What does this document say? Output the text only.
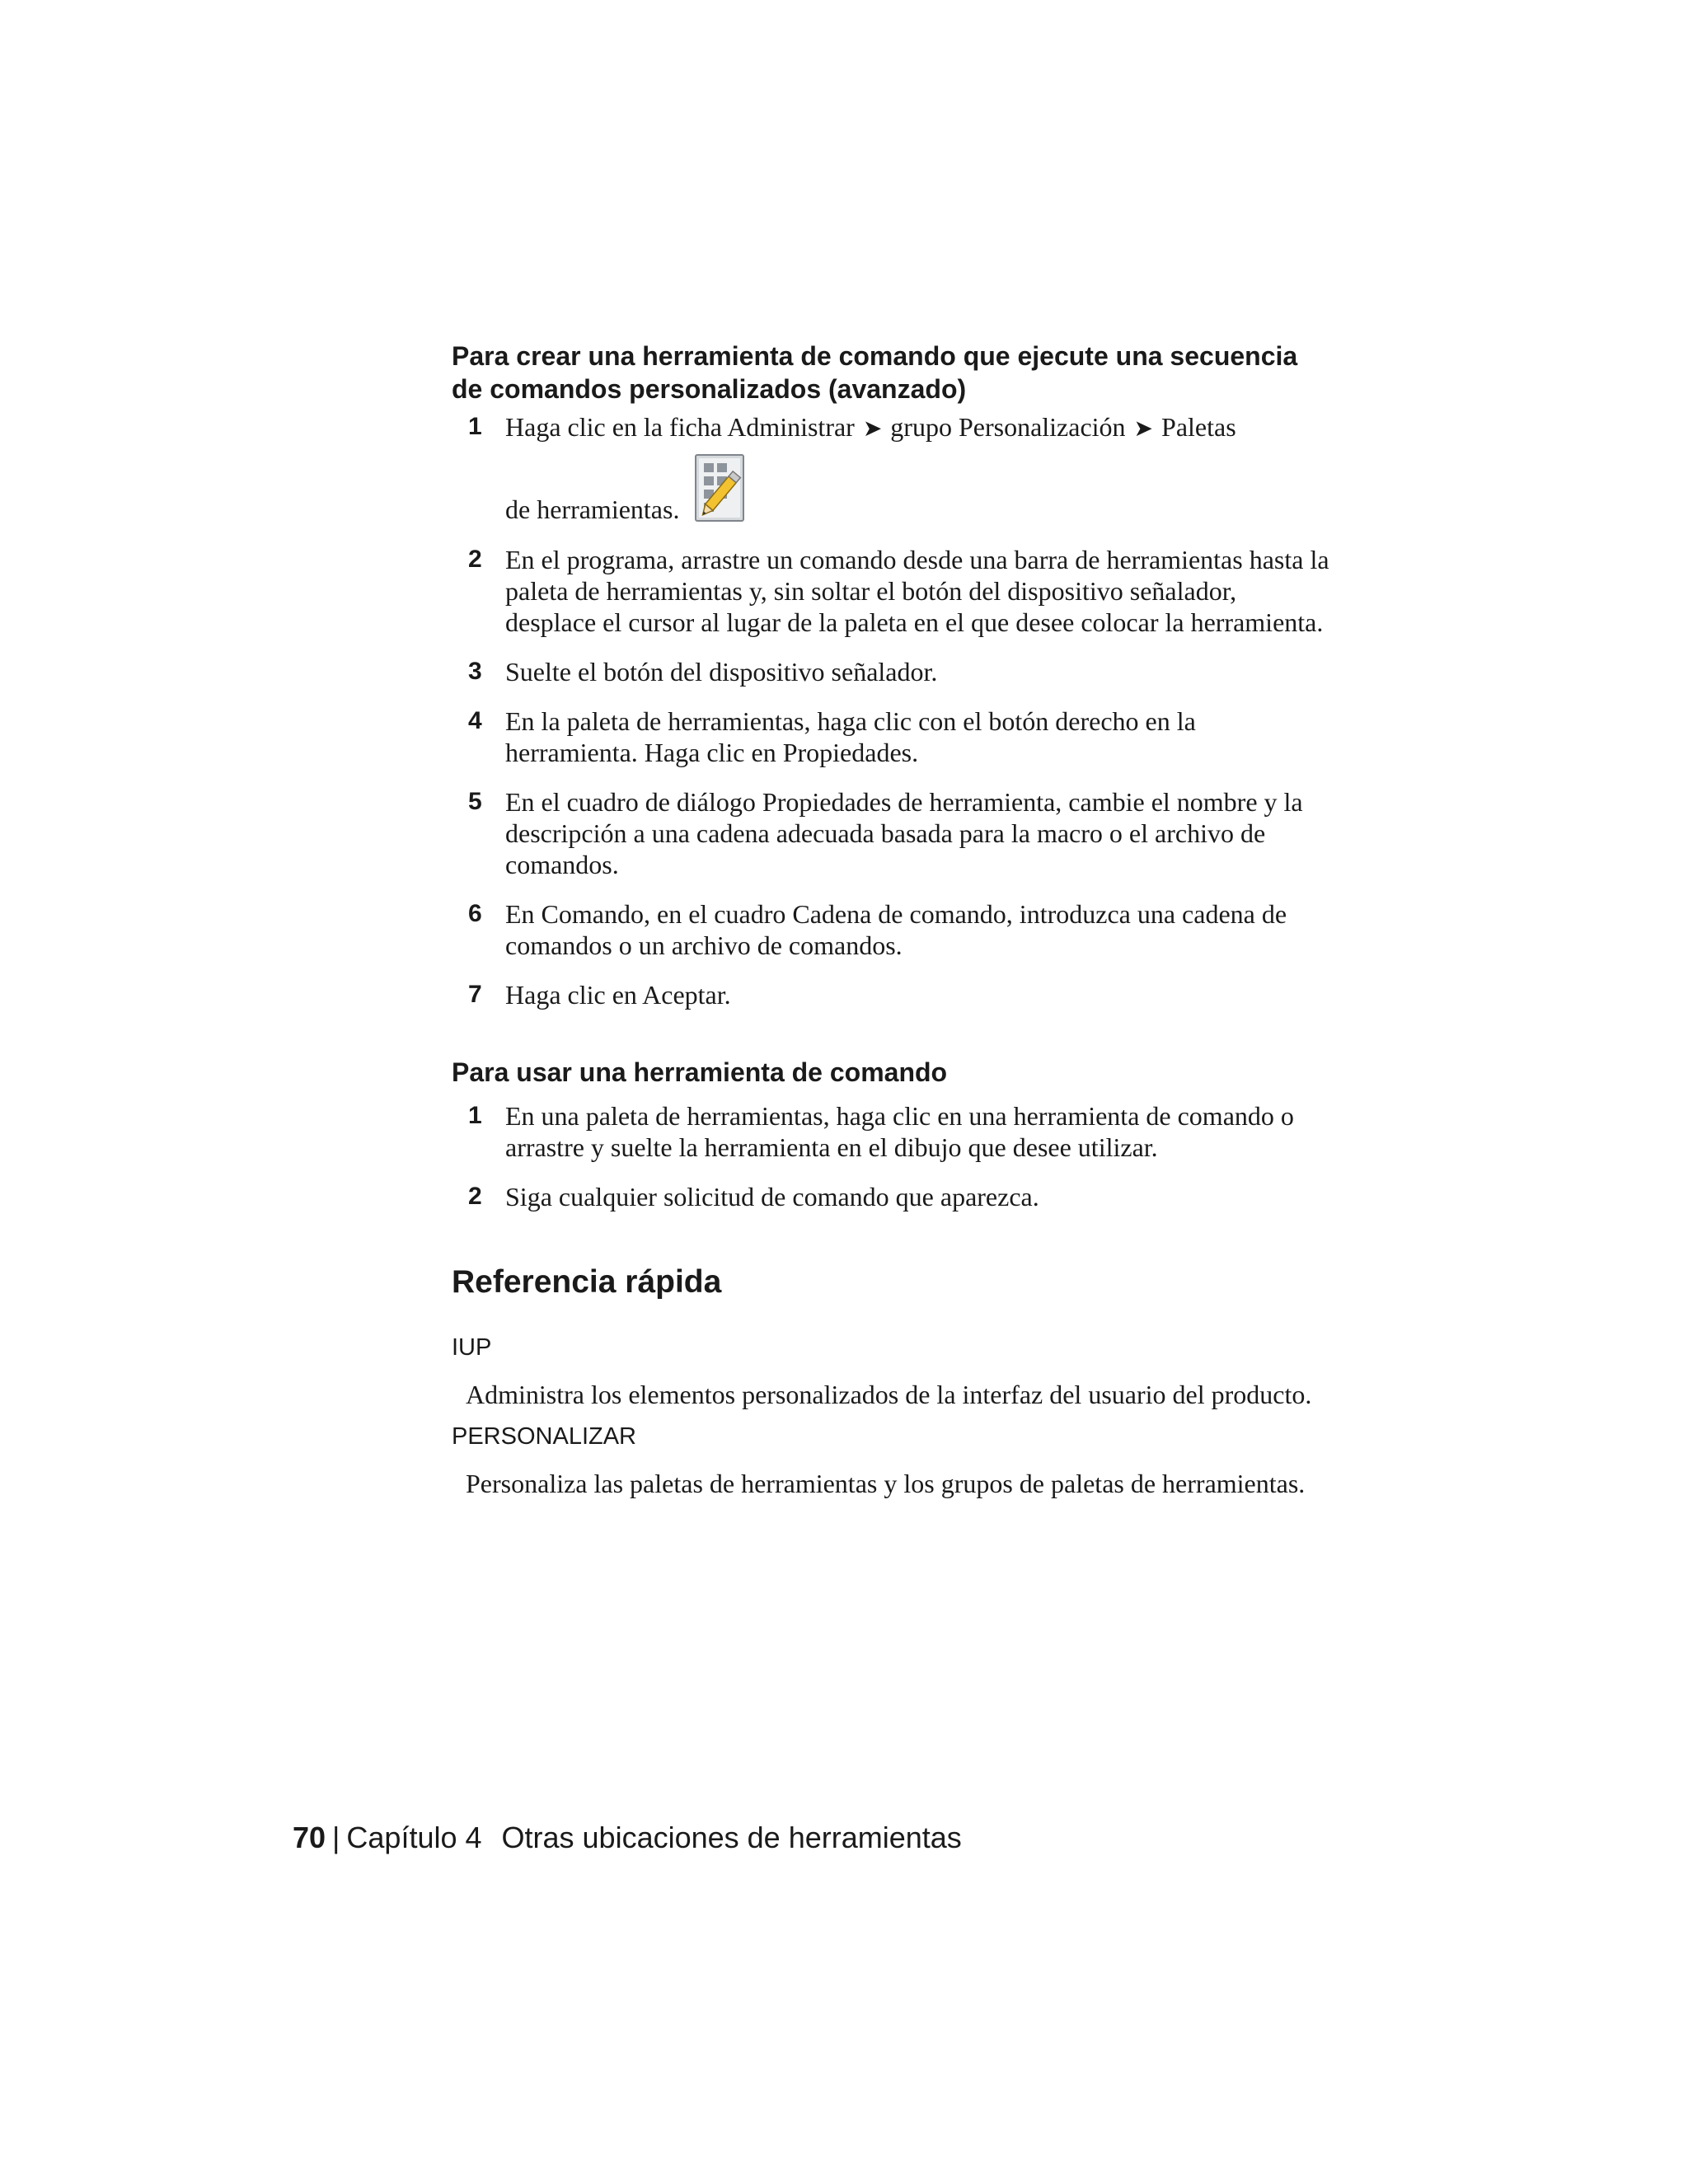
Para crear una herramienta de comando que ejecute una secuencia de comandos personalizados (avanzado)

1 Haga clic en la ficha Administrar ➤ grupo Personalización ➤ Paletas
de herramientas.
2 En el programa, arrastre un comando desde una barra de herramientas hasta la paleta de herramientas y, sin soltar el botón del dispositivo señalador, desplace el cursor al lugar de la paleta en el que desee colocar la herramienta.
3 Suelte el botón del dispositivo señalador.
4 En la paleta de herramientas, haga clic con el botón derecho en la herramienta. Haga clic en Propiedades.
5 En el cuadro de diálogo Propiedades de herramienta, cambie el nombre y la descripción a una cadena adecuada basada para la macro o el archivo de comandos.
6 En Comando, en el cuadro Cadena de comando, introduzca una cadena de comandos o un archivo de comandos.
7 Haga clic en Aceptar.

Para usar una herramienta de comando

1 En una paleta de herramientas, haga clic en una herramienta de comando o arrastre y suelte la herramienta en el dibujo que desee utilizar.
2 Siga cualquier solicitud de comando que aparezca.
Referencia rápida

IUP

Administra los elementos personalizados de la interfaz del usuario del producto.

PERSONALIZAR

Personaliza las paletas de herramientas y los grupos de paletas de herramientas.

70 | Capítulo 4 Otras ubicaciones de herramientas
